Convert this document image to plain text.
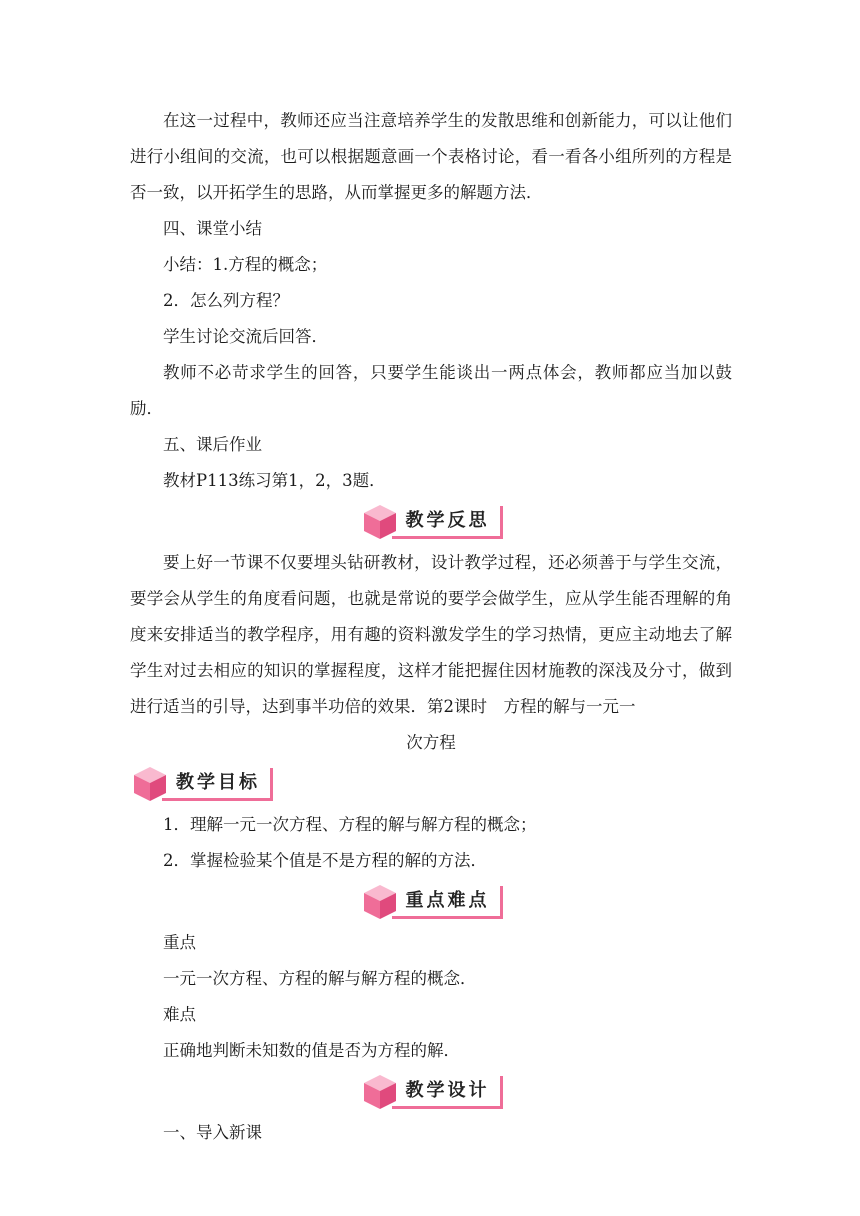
在这一过程中，教师还应当注意培养学生的发散思维和创新能力，可以让他们进行小组间的交流，也可以根据题意画一个表格讨论，看一看各小组所列的方程是否一致，以开拓学生的思路，从而掌握更多的解题方法．

四、课堂小结

小结：1.方程的概念；

2．怎么列方程？

学生讨论交流后回答．

教师不必苛求学生的回答，只要学生能谈出一两点体会，教师都应当加以鼓励．

五、课后作业

教材P113练习第1，2，3题．

教学反思

要上好一节课不仅要埋头钻研教材，设计教学过程，还必须善于与学生交流，要学会从学生的角度看问题，也就是常说的要学会做学生，应从学生能否理解的角度来安排适当的教学程序，用有趣的资料激发学生的学习热情，更应主动地去了解学生对过去相应的知识的掌握程度，这样才能把握住因材施教的深浅及分寸，做到进行适当的引导，达到事半功倍的效果．第2课时　方程的解与一元一

次方程

教学目标

1．理解一元一次方程、方程的解与解方程的概念；

2．掌握检验某个值是不是方程的解的方法．

重点难点

重点

一元一次方程、方程的解与解方程的概念．

难点

正确地判断未知数的值是否为方程的解．

教学设计

一、导入新课
